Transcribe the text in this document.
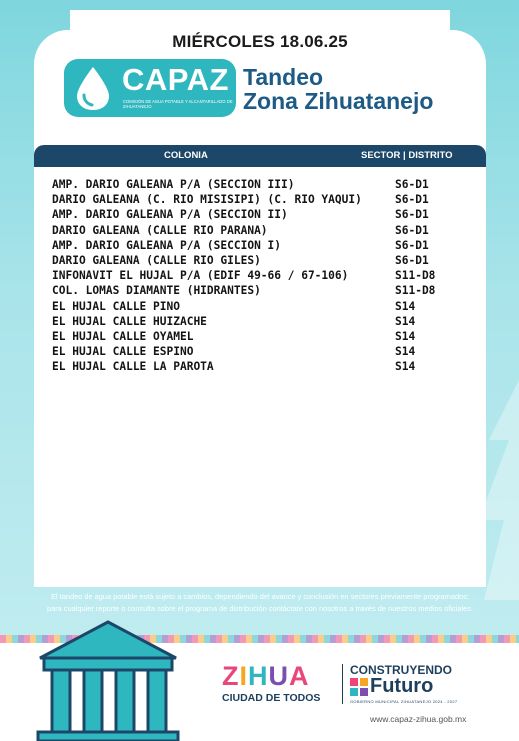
MIÉRCOLES 18.06.25
CAPAZ
COMISIÓN DE AGUA POTABLE Y ALCANTARILLADO DE ZIHUATANEJO
Tandeo
Zona Zihuatanejo
COLONIA	SECTOR | DISTRITO
AMP. DARIO GALEANA P/A (SECCION III)	S6-D1
DARIO GALEANA (C. RIO MISISIPI) (C. RIO YAQUI)	S6-D1
AMP. DARIO GALEANA P/A (SECCION II)	S6-D1
DARIO GALEANA (CALLE RIO PARANA)	S6-D1
AMP. DARIO GALEANA P/A (SECCION I)	S6-D1
DARIO GALEANA (CALLE RIO GILES)	S6-D1
INFONAVIT EL HUJAL P/A (EDIF 49-66 / 67-106)	S11-D8
COL. LOMAS DIAMANTE (HIDRANTES)	S11-D8
EL HUJAL CALLE PINO	S14
EL HUJAL CALLE HUIZACHE	S14
EL HUJAL CALLE OYAMEL	S14
EL HUJAL CALLE ESPINO	S14
EL HUJAL CALLE LA PAROTA	S14
El tandeo de agua potable está sujeto a cambios, dependiendo del avance y conclusión en sectores previamente programados; para cualquier reporte o consulta sobre el programa de distribución contáctate con nosotros a través de nuestros medios oficiales.
ZIHUA
CIUDAD DE TODOS
CONSTRUYENDO
Futuro
GOBIERNO MUNICIPAL ZIHUATANEJO 2024 - 2027
www.capaz-zihua.gob.mx
